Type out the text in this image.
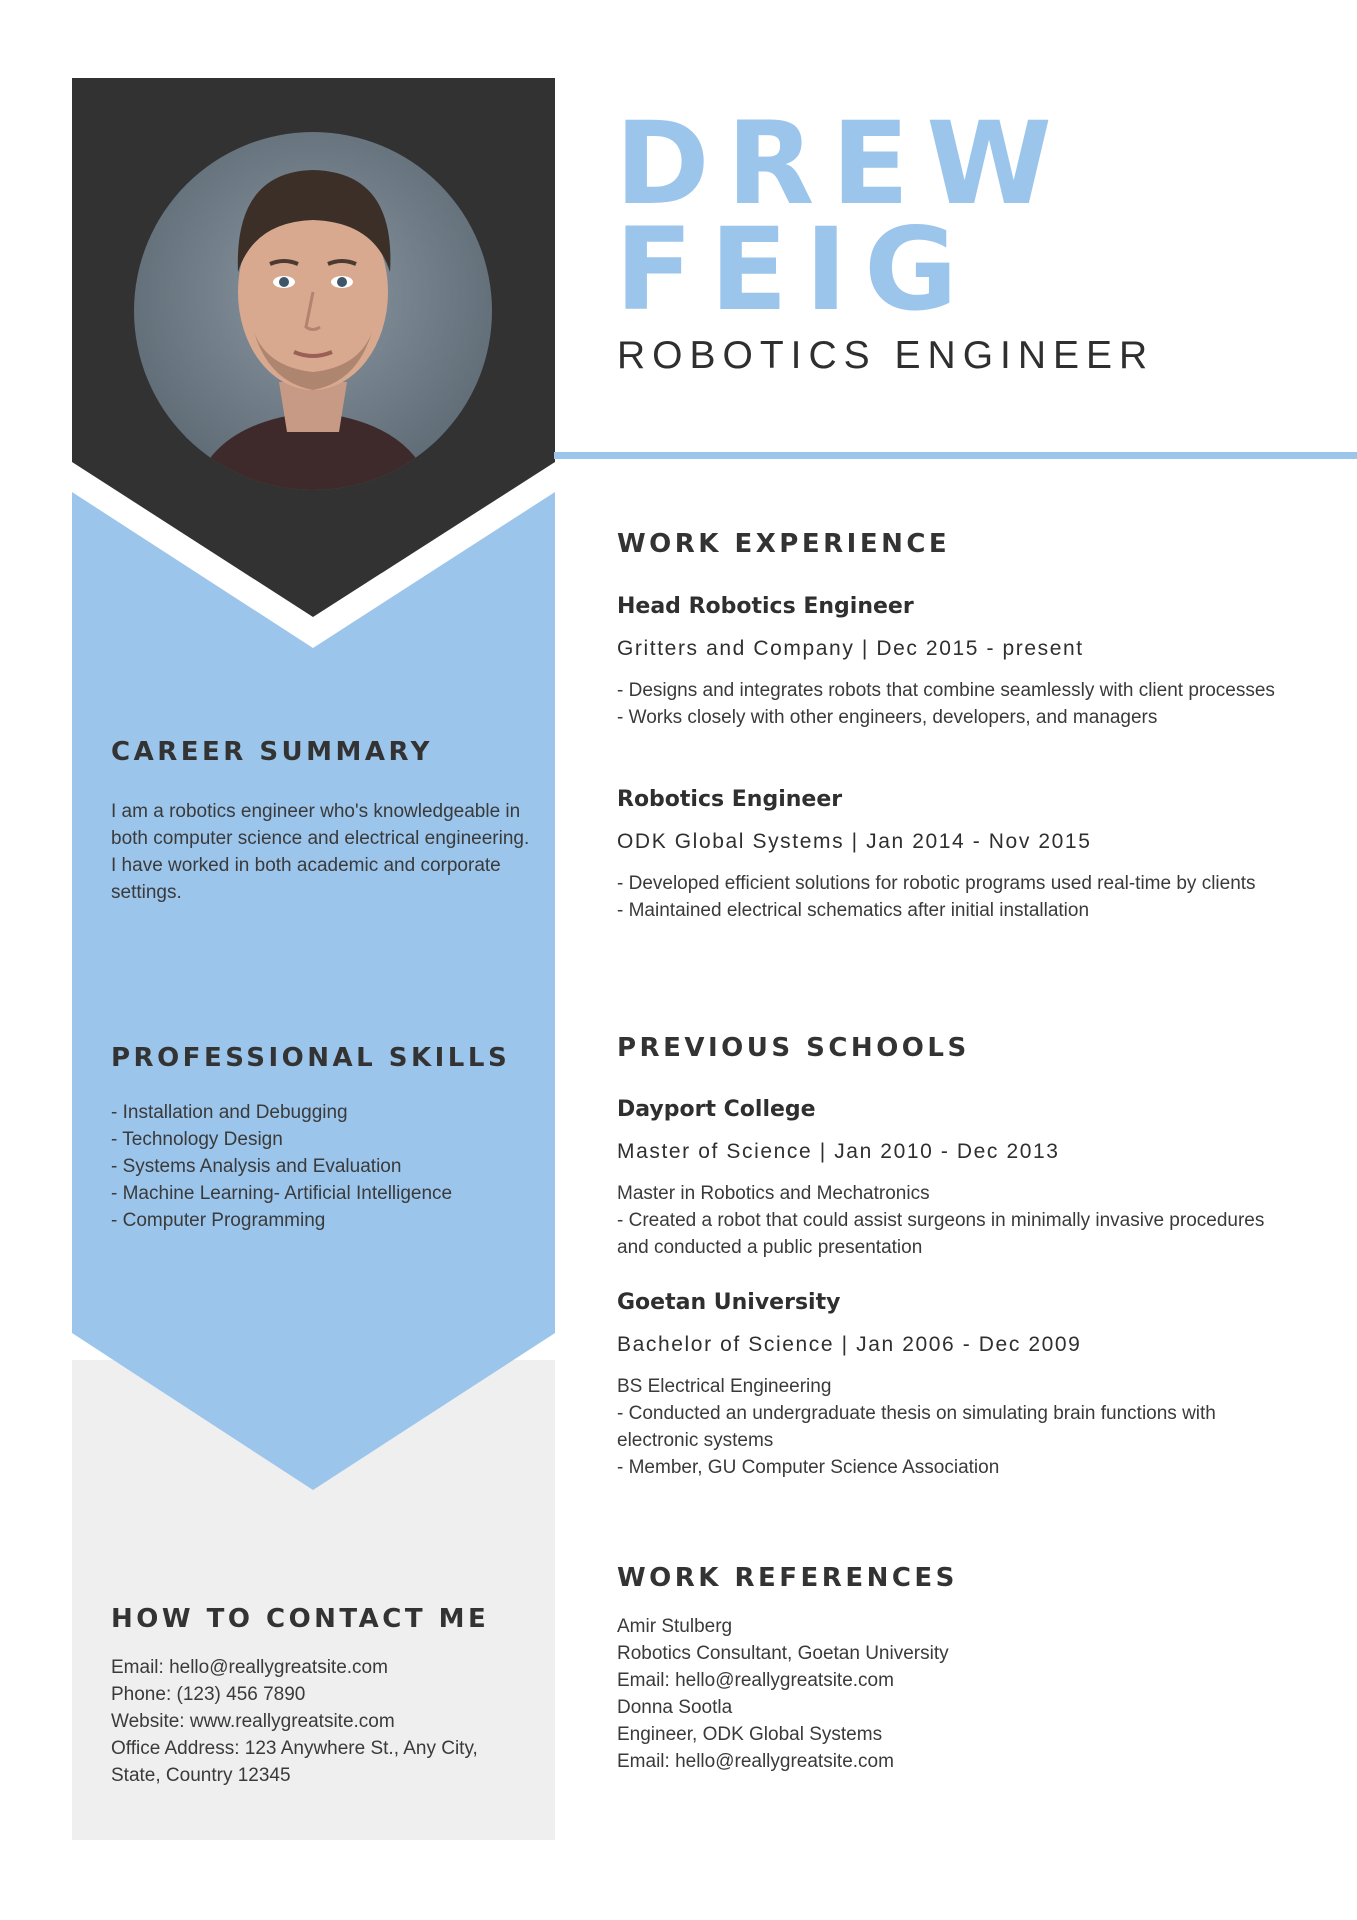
DREW
FEIG

ROBOTICS ENGINEER

CAREER SUMMARY

I am a robotics engineer who's knowledgeable in both computer science and electrical engineering. I have worked in both academic and corporate settings.

PROFESSIONAL SKILLS
- Installation and Debugging
- Technology Design
- Systems Analysis and Evaluation
- Machine Learning- Artificial Intelligence
- Computer Programming
HOW TO CONTACT ME
Email: hello@reallygreatsite.com
Phone: (123) 456 7890
Website: www.reallygreatsite.com
Office Address: 123 Anywhere St., Any City,
State, Country 12345
WORK EXPERIENCE

Head Robotics Engineer

Gritters and Company | Dec 2015 - present

- Designs and integrates robots that combine seamlessly with client processes

- Works closely with other engineers, developers, and managers

Robotics Engineer

ODK Global Systems | Jan 2014 - Nov 2015

- Developed efficient solutions for robotic programs used real-time by clients

- Maintained electrical schematics after initial installation

PREVIOUS SCHOOLS

Dayport College

Master of Science | Jan 2010 - Dec 2013

Master in Robotics and Mechatronics

- Created a robot that could assist surgeons in minimally invasive procedures and conducted a public presentation

Goetan University

Bachelor of Science | Jan 2006 - Dec 2009

BS Electrical Engineering

- Conducted an undergraduate thesis on simulating brain functions with electronic systems

- Member, GU Computer Science Association

WORK REFERENCES
Amir Stulberg
Robotics Consultant, Goetan University
Email: hello@reallygreatsite.com
Donna Sootla
Engineer, ODK Global Systems
Email: hello@reallygreatsite.com
